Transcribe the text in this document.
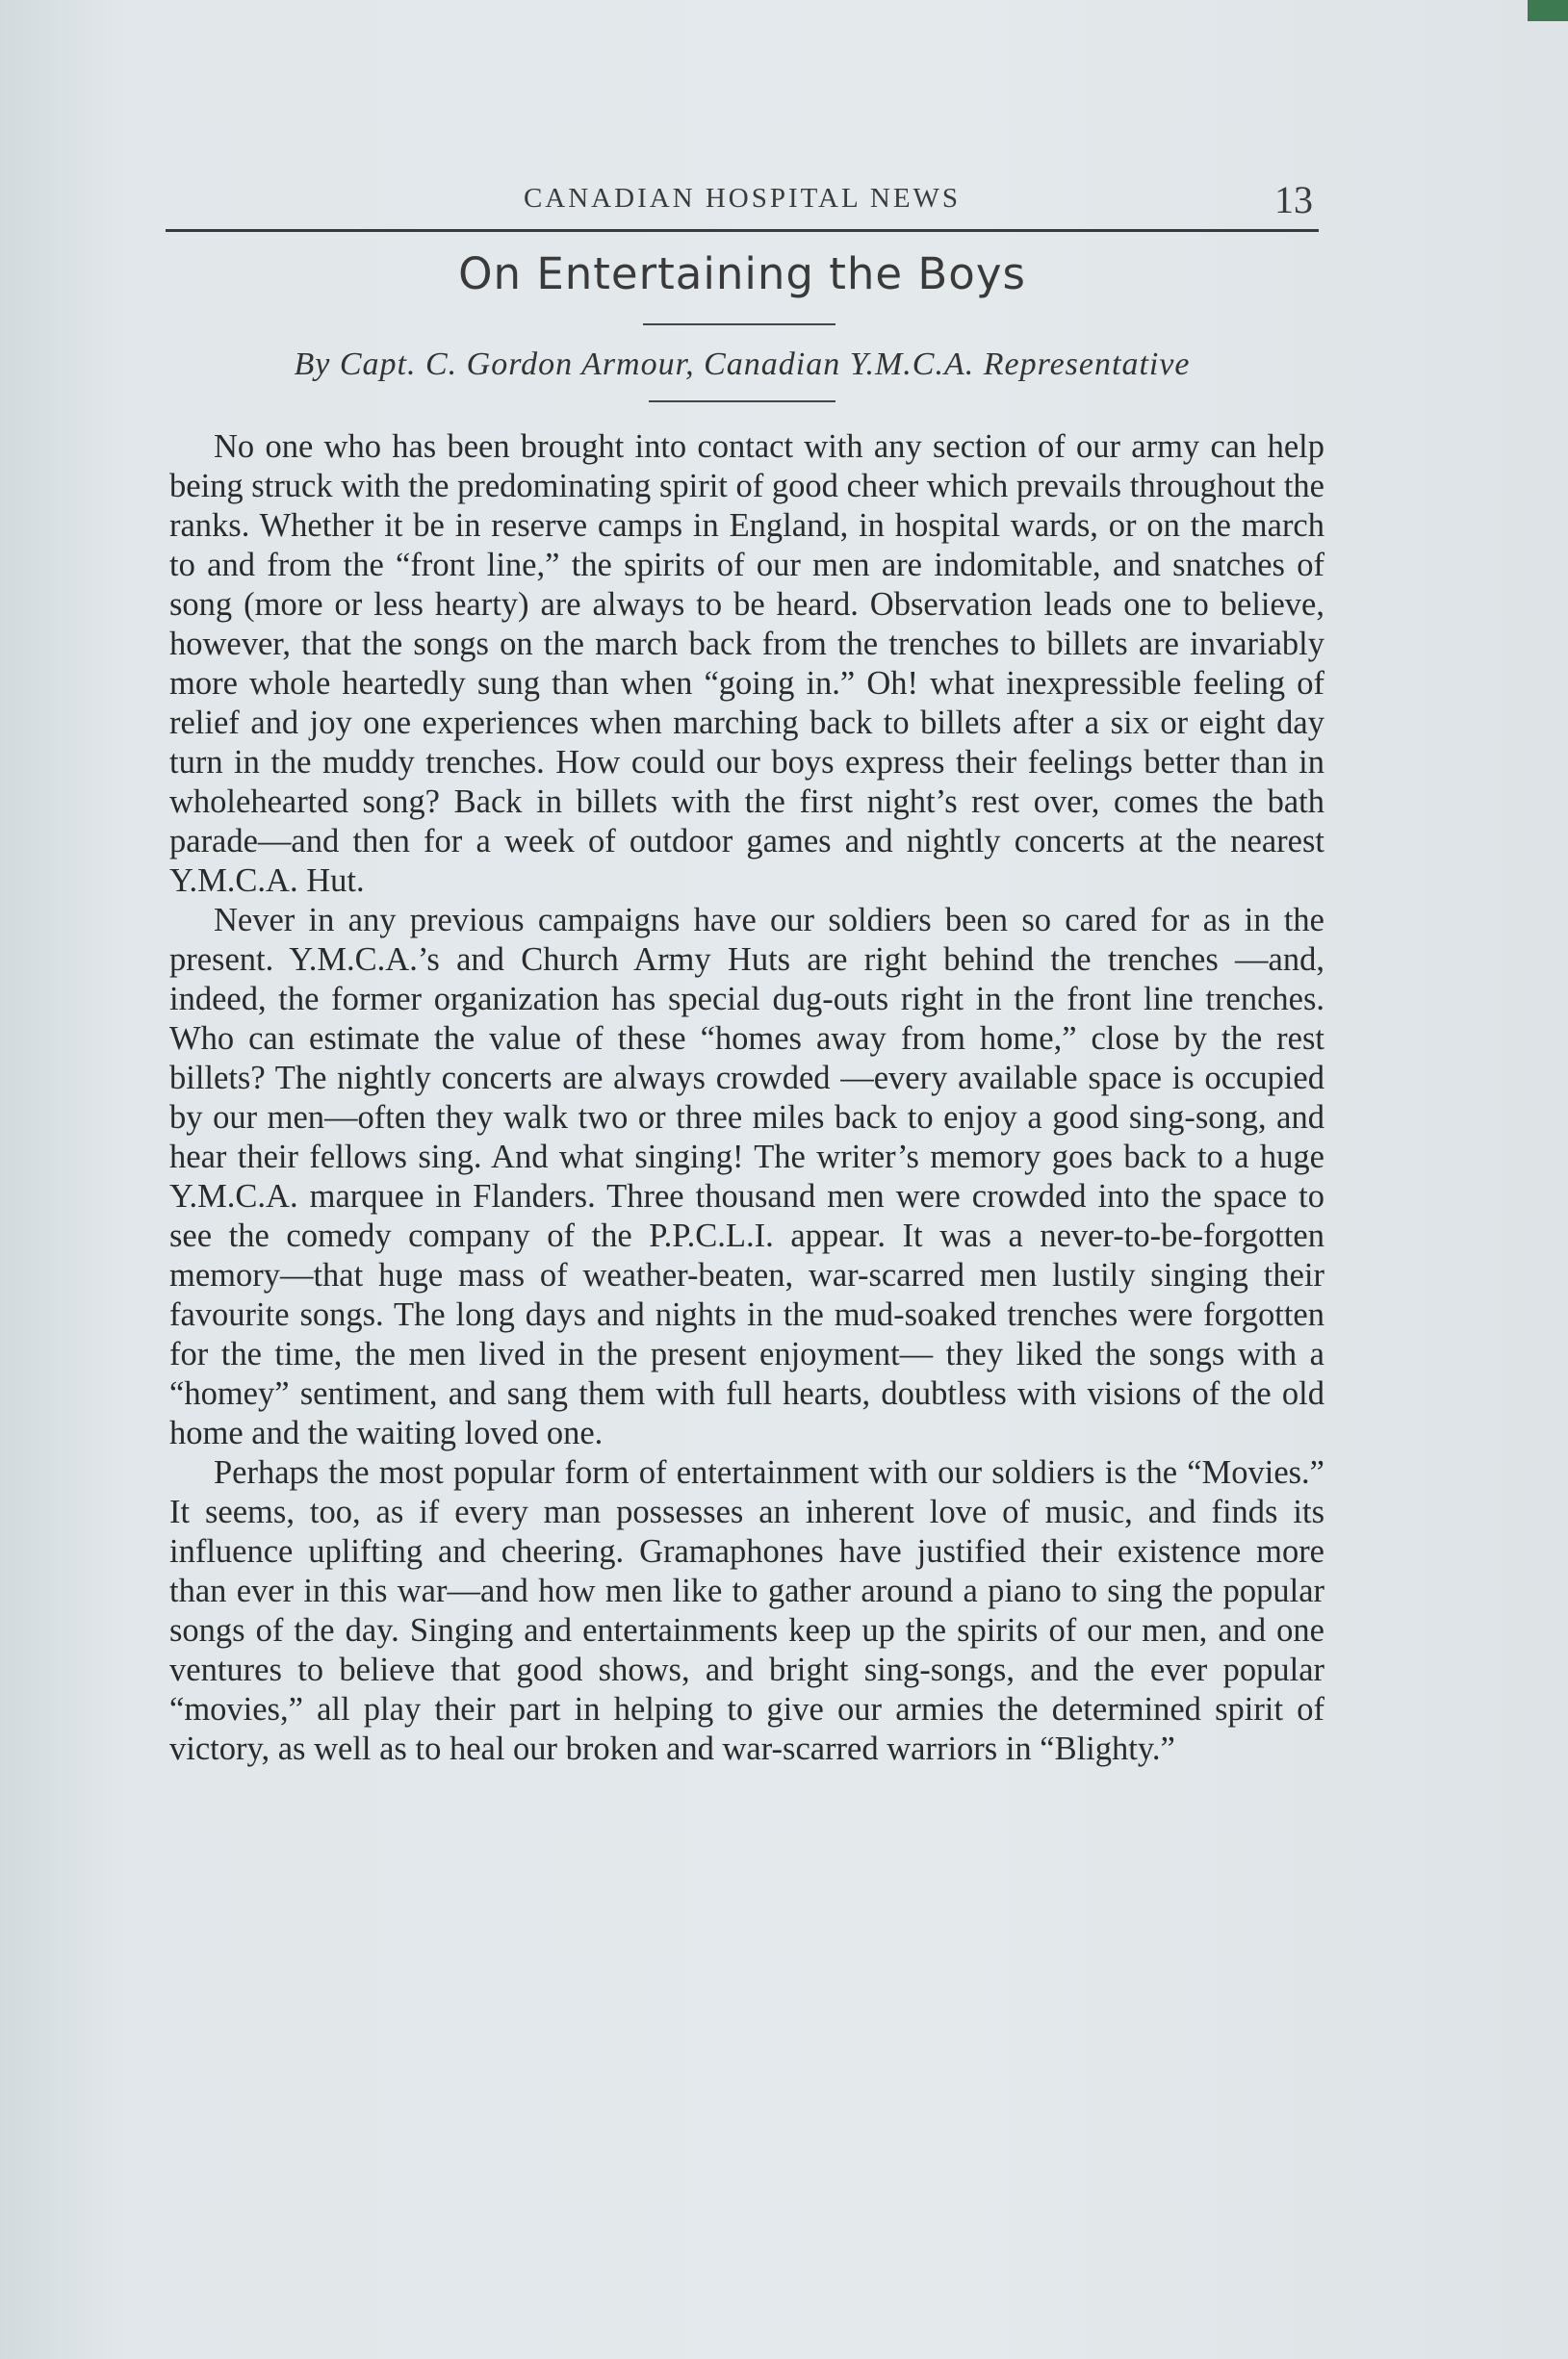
CANADIAN HOSPITAL NEWS	13
On Entertaining the Boys
By Capt. C. Gordon Armour, Canadian Y.M.C.A. Representative

No one who has been brought into contact with any section of our army can help being struck with the predominating spirit of good cheer which prevails throughout the ranks. Whether it be in reserve camps in England, in hospital wards, or on the march to and from the “front line,” the spirits of our men are indomitable, and snatches of song (more or less hearty) are always to be heard. Observation leads one to believe, however, that the songs on the march back from the trenches to billets are invariably more whole heartedly sung than when “going in.” Oh! what inexpressible feeling of relief and joy one experiences when marching back to billets after a six or eight day turn in the muddy trenches. How could our boys express their feelings better than in wholehearted song? Back in billets with the first night’s rest over, comes the bath parade—and then for a week of outdoor games and nightly concerts at the nearest Y.M.C.A. Hut.

Never in any previous campaigns have our soldiers been so cared for as in the present. Y.M.C.A.’s and Church Army Huts are right behind the trenches —and, indeed, the former organization has special dug-outs right in the front line trenches. Who can estimate the value of these “homes away from home,” close by the rest billets? The nightly concerts are always crowded —every available space is occupied by our men—often they walk two or three miles back to enjoy a good sing-song, and hear their fellows sing. And what singing! The writer’s memory goes back to a huge Y.M.C.A. marquee in Flanders. Three thousand men were crowded into the space to see the comedy company of the P.P.C.L.I. appear. It was a never-to-be-forgotten memory—that huge mass of weather-beaten, war-scarred men lustily singing their favourite songs. The long days and nights in the mud-soaked trenches were forgotten for the time, the men lived in the present enjoyment— they liked the songs with a “homey” sentiment, and sang them with full hearts, doubtless with visions of the old home and the waiting loved one.

Perhaps the most popular form of entertainment with our soldiers is the “Movies.” It seems, too, as if every man possesses an inherent love of music, and finds its influence uplifting and cheering. Gramaphones have justified their existence more than ever in this war—and how men like to gather around a piano to sing the popular songs of the day. Singing and entertainments keep up the spirits of our men, and one ventures to believe that good shows, and bright sing-songs, and the ever popular “movies,” all play their part in helping to give our armies the determined spirit of victory, as well as to heal our broken and war-scarred warriors in “Blighty.”
